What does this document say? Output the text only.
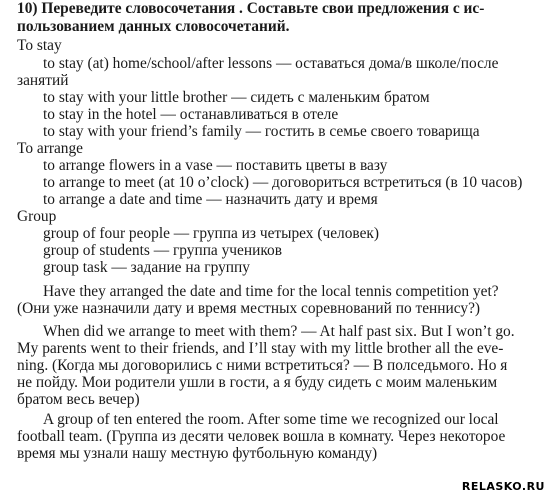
10) Переведите словосочетания . Составьте свои предложения с ис-
пользованием данных словосочетаний.
To stay
to stay (at) home/school/after lessons — оставаться дома/в школе/после
занятий
to stay with your little brother — сидеть с маленьким братом
to stay in the hotel — останавливаться в отеле
to stay with your friend’s family — гостить в семье своего товарища
To arrange
to arrange flowers in a vase — поставить цветы в вазу
to arrange to meet (at 10 o’clock) — договориться встретиться (в 10 часов)
to arrange a date and time — назначить дату и время
Group
group of four people — группа из четырех (человек)
group of students — группа учеников
group task — задание на группу
Have they arranged the date and time for the local tennis competition yet?
(Они уже назначили дату и время местных соревнований по теннису?)
When did we arrange to meet with them? — At half past six. But I won’t go.
My parents went to their friends, and I’ll stay with my little brother all the eve-
ning. (Когда мы договорились с ними встретиться? — В полседьмого. Но я
не пойду. Мои родители ушли в гости, а я буду сидеть с моим маленьким
братом весь вечер)
A group of ten entered the room. After some time we recognized our local
football team. (Группа из десяти человек вошла в комнату. Через некоторое
время мы узнали нашу местную футбольную команду)
RELASKO.RU
